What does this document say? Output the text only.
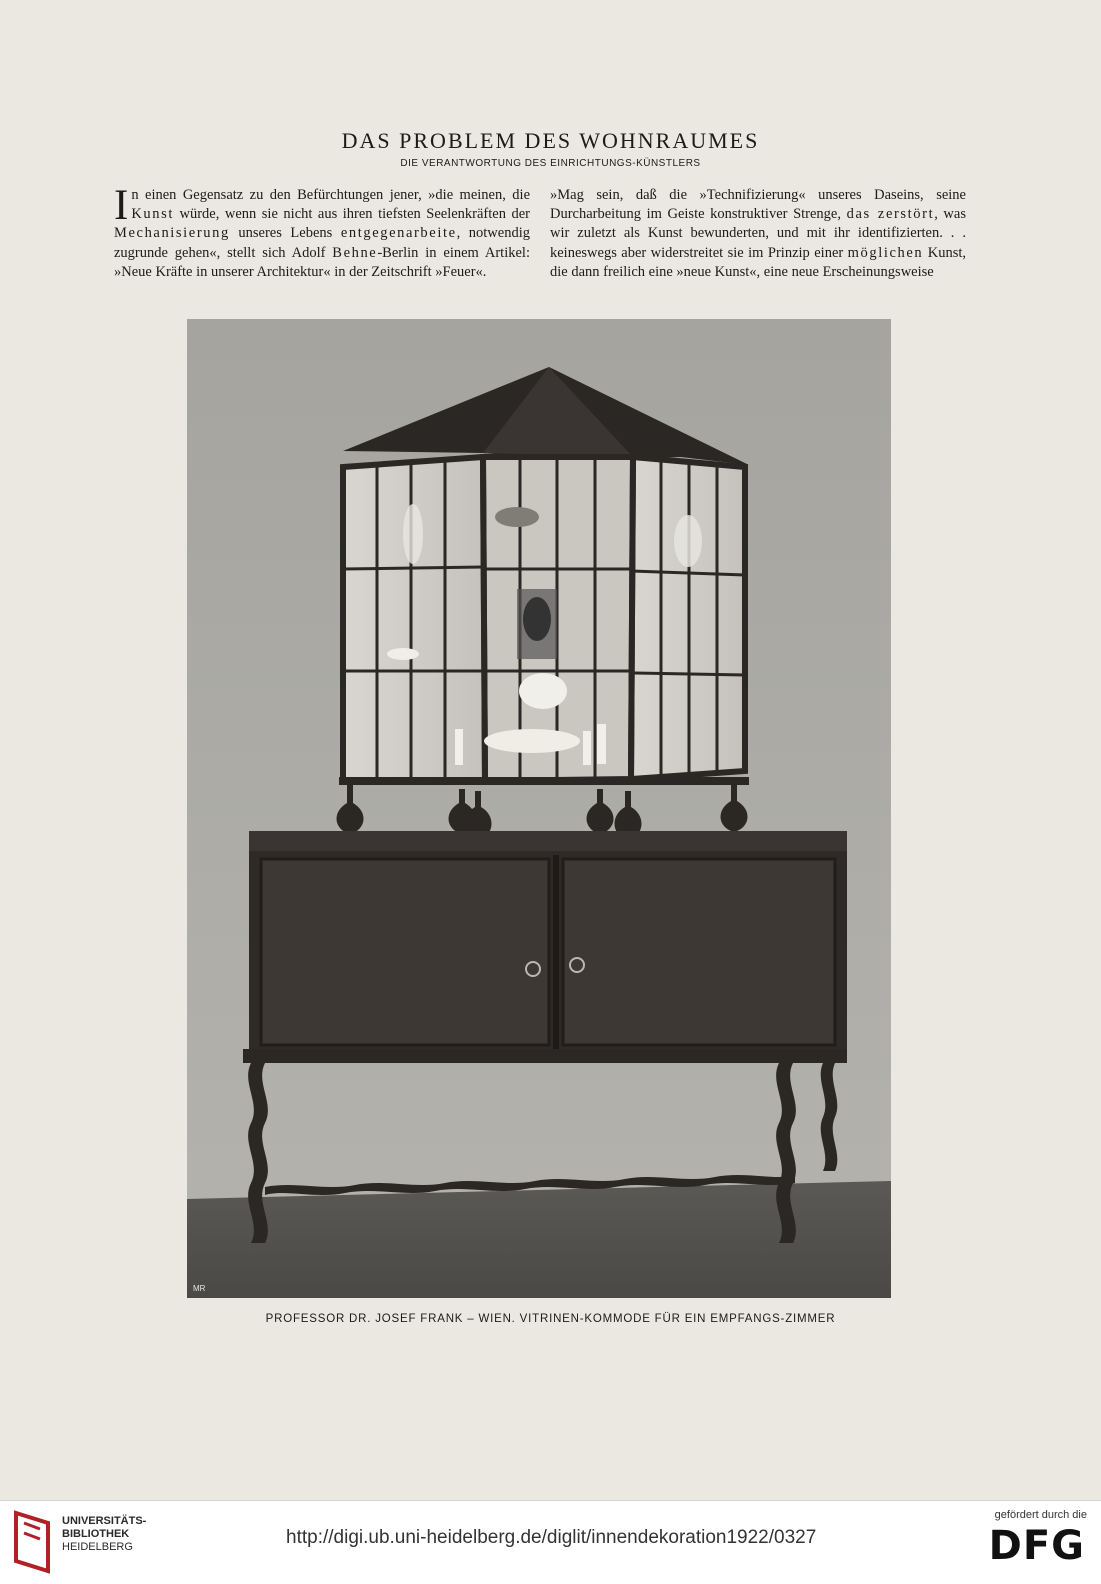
DAS PROBLEM DES WOHNRAUMES
DIE VERANTWORTUNG DES EINRICHTUNGS-KÜNSTLERS
In einen Gegensatz zu den Befürchtungen jener, »die meinen, die Kunst würde, wenn sie nicht aus ihren tiefsten Seelenkräften der Mechanisierung unseres Lebens entgegenarbeite, notwendig zugrunde gehen«, stellt sich Adolf Behne-Berlin in einem Artikel: »Neue Kräfte in unserer Architektur« in der Zeitschrift »Feuer«.
»Mag sein, daß die »Technifizierung« unseres Daseins, seine Durcharbeitung im Geiste konstruktiver Strenge, das zerstört, was wir zuletzt als Kunst bewunderten, und mit ihr identifizierten. . . keineswegs aber widerstreitet sie im Prinzip einer möglichen Kunst, die dann freilich eine »neue Kunst«, eine neue Erscheinungsweise
MR
PROFESSOR DR. JOSEF FRANK – WIEN. VITRINEN-KOMMODE FÜR EIN EMPFANGS-ZIMMER
UNIVERSITÄTS-
BIBLIOTHEK
HEIDELBERG	http://digi.ub.uni-heidelberg.de/diglit/innendekoration1922/0327
gefördert durch die
DFG
